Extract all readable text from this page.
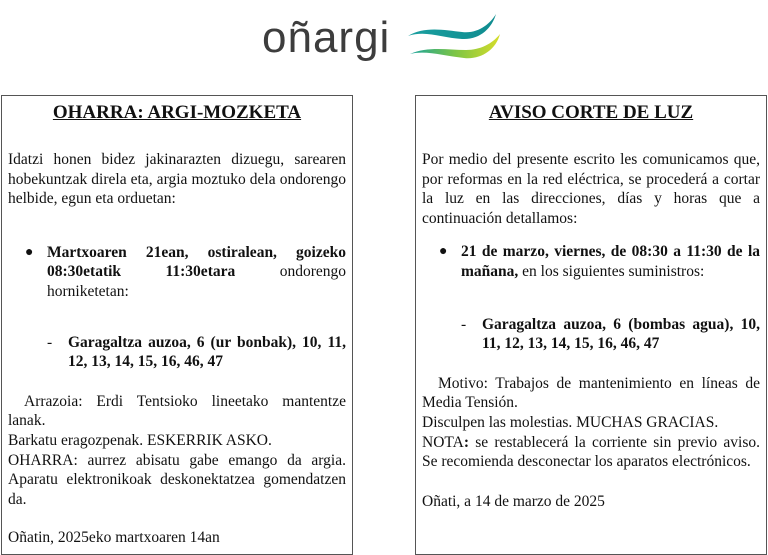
oñargi
OHARRA: ARGI-MOZKETA

Idatzi honen bidez jakinarazten dizuegu, sarearen hobekuntzak direla eta, argia moztuko dela ondorengo helbide, egun eta orduetan:

● Martxoaren 21ean, ostiralean, goizeko 08:30etatik 11:30etara ondorengo horniketetan:
- Garagaltza auzoa, 6 (ur bonbak), 10, 11, 12, 13, 14, 15, 16, 46, 47

Arrazoia: Erdi Tentsioko lineetako mantentze lanak.

Barkatu eragozpenak. ESKERRIK ASKO.

OHARRA: aurrez abisatu gabe emango da argia. Aparatu elektronikoak deskonektatzea gomendatzen da.

Oñatin, 2025eko martxoaren 14an

AVISO CORTE DE LUZ

Por medio del presente escrito les comunicamos que, por reformas en la red eléctrica, se procederá a cortar la luz en las direcciones, días y horas que a continuación detallamos:

● 21 de marzo, viernes, de 08:30 a 11:30 de la mañana, en los siguientes suministros:
- Garagaltza auzoa, 6 (bombas agua), 10, 11, 12, 13, 14, 15, 16, 46, 47

Motivo: Trabajos de mantenimiento en líneas de Media Tensión.

Disculpen las molestias. MUCHAS GRACIAS.

NOTA: se restablecerá la corriente sin previo aviso. Se recomienda desconectar los aparatos electrónicos.

Oñati, a 14 de marzo de 2025
